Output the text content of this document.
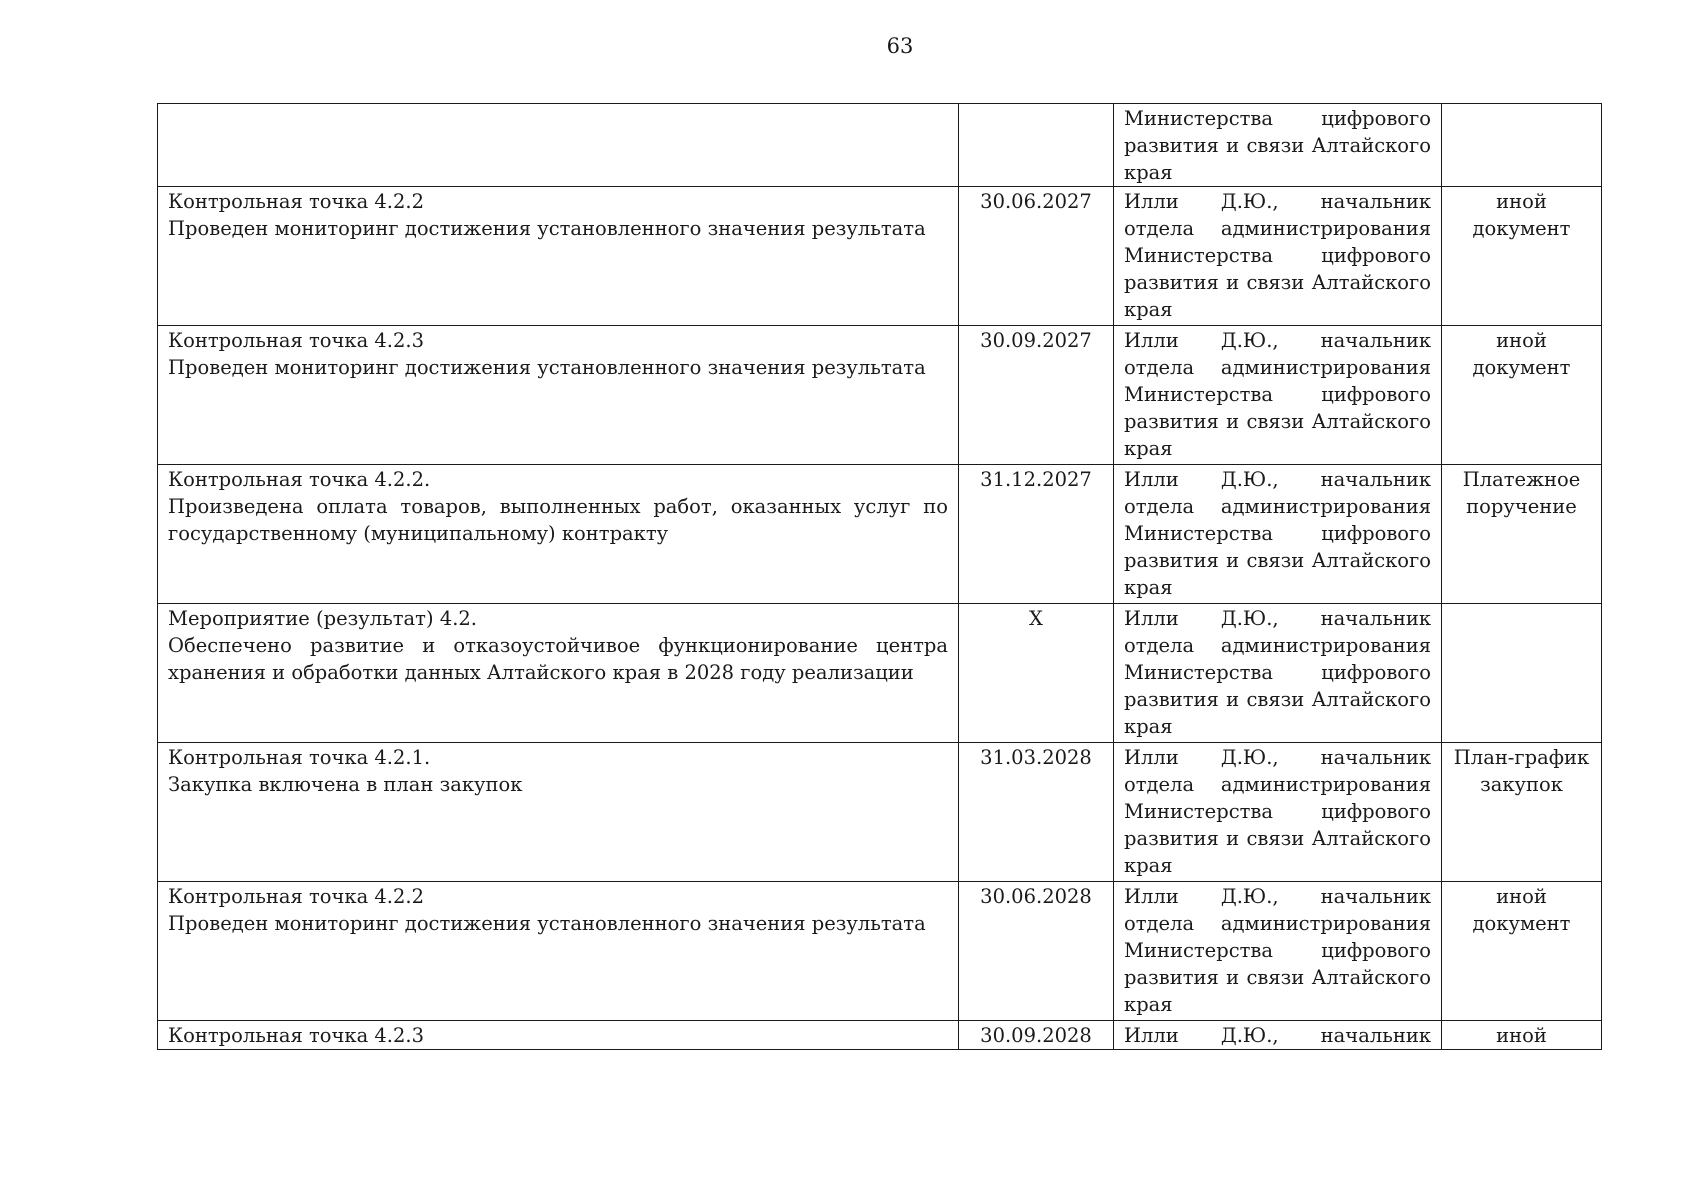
63

		Министерства цифрового
развития и связи Алтайского
края	

Контрольная точка 4.2.2
Проведен мониторинг достижения установленного значения результата	30.06.2027	Илли Д.Ю., начальник
отдела администрирования
Министерства цифрового
развития и связи Алтайского
края	иной документ

Контрольная точка 4.2.3
Проведен мониторинг достижения установленного значения результата	30.09.2027	Илли Д.Ю., начальник
отдела администрирования
Министерства цифрового
развития и связи Алтайского
края	иной документ

Контрольная точка 4.2.2.
Произведена оплата товаров, выполненных работ, оказанных услуг по государственному (муниципальному) контракту	31.12.2027	Илли Д.Ю., начальник
отдела администрирования
Министерства цифрового
развития и связи Алтайского
края	Платежное поручение

Мероприятие (результат) 4.2.
Обеспечено развитие и отказоустойчивое функционирование центра хранения и обработки данных Алтайского края в 2028 году реализации	Х	Илли Д.Ю., начальник
отдела администрирования
Министерства цифрового
развития и связи Алтайского
края	

Контрольная точка 4.2.1.
Закупка включена в план закупок	31.03.2028	Илли Д.Ю., начальник
отдела администрирования
Министерства цифрового
развития и связи Алтайского
края	План-график закупок

Контрольная точка 4.2.2
Проведен мониторинг достижения установленного значения результата	30.06.2028	Илли Д.Ю., начальник
отдела администрирования
Министерства цифрового
развития и связи Алтайского
края	иной документ

Контрольная точка 4.2.3	30.09.2028	Илли Д.Ю., начальник	иной
